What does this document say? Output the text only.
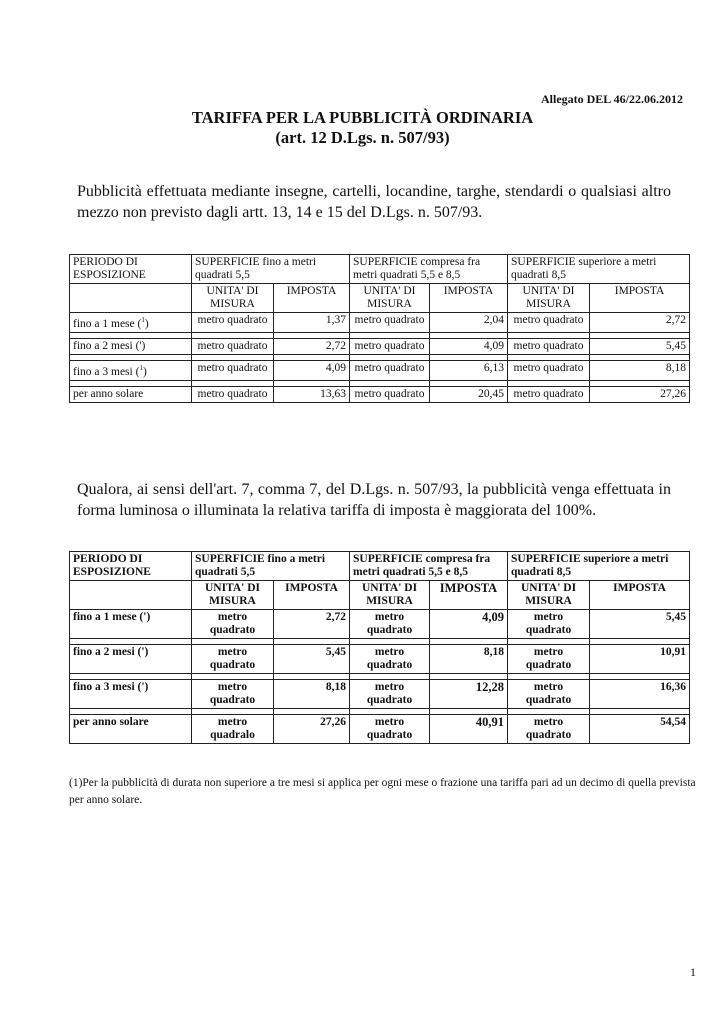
Allegato DEL 46/22.06.2012
TARIFFA PER LA PUBBLICITÀ ORDINARIA
(art. 12 D.Lgs. n. 507/93)
Pubblicità effettuata mediante insegne, cartelli, locandine, targhe, stendardi o qualsiasi altro mezzo non previsto dagli artt. 13, 14 e 15 del D.Lgs. n. 507/93.
PERIODO DI ESPOSIZIONE	SUPERFICIE fino a metri quadrati 5,5		SUPERFICIE compresa fra metri quadrati 5,5 e 8,5		SUPERFICIE superiore a metri quadrati 8,5	
	UNITA' DI MISURA	IMPOSTA	UNITA' DI MISURA	IMPOSTA	UNITA' DI MISURA	IMPOSTA
fino a 1 mese ($^1$)	metro quadrato	1,37	metro quadrato	2,04	metro quadrato	2,72

fino a 2 mesi (')	metro quadrato	2,72	metro quadrato	4,09	metro quadrato	5,45

fino a 3 mesi ($^1$)	metro quadrato	4,09	metro quadrato	6,13	metro quadrato	8,18

per anno solare	metro quadrato	13,63	metro quadrato	20,45	metro quadrato	27,26
Qualora, ai sensi dell'art. 7, comma 7, del D.Lgs. n. 507/93, la pubblicità venga effettuata in forma luminosa o illuminata la relativa tariffa di imposta è maggiorata del 100%.
PERIODO DI ESPOSIZIONE	SUPERFICIE fino a metri quadrati 5,5		SUPERFICIE compresa fra metri quadrati 5,5 e 8,5		SUPERFICIE superiore a metri quadrati 8,5	
	UNITA' DI MISURA	IMPOSTA	UNITA' DI MISURA	IMPOSTA	UNITA' DI MISURA	IMPOSTA
fino a 1 mese (')	metro quadrato	2,72	metro quadrato	4,09	metro quadrato	5,45

fino a 2 mesi (')	metro quadrato	5,45	metro quadrato	8,18	metro quadrato	10,91

fino a 3 mesi (')	metro quadrato	8,18	metro quadrato	12,28	metro quadrato	16,36

per anno solare	metro quadralo	27,26	metro quadrato	40,91	metro quadrato	54,54
(1)Per la pubblicità di durata non superiore a tre mesi si applica per ogni mese o frazione una tariffa pari ad un decimo di quella prevista per anno solare.
1
